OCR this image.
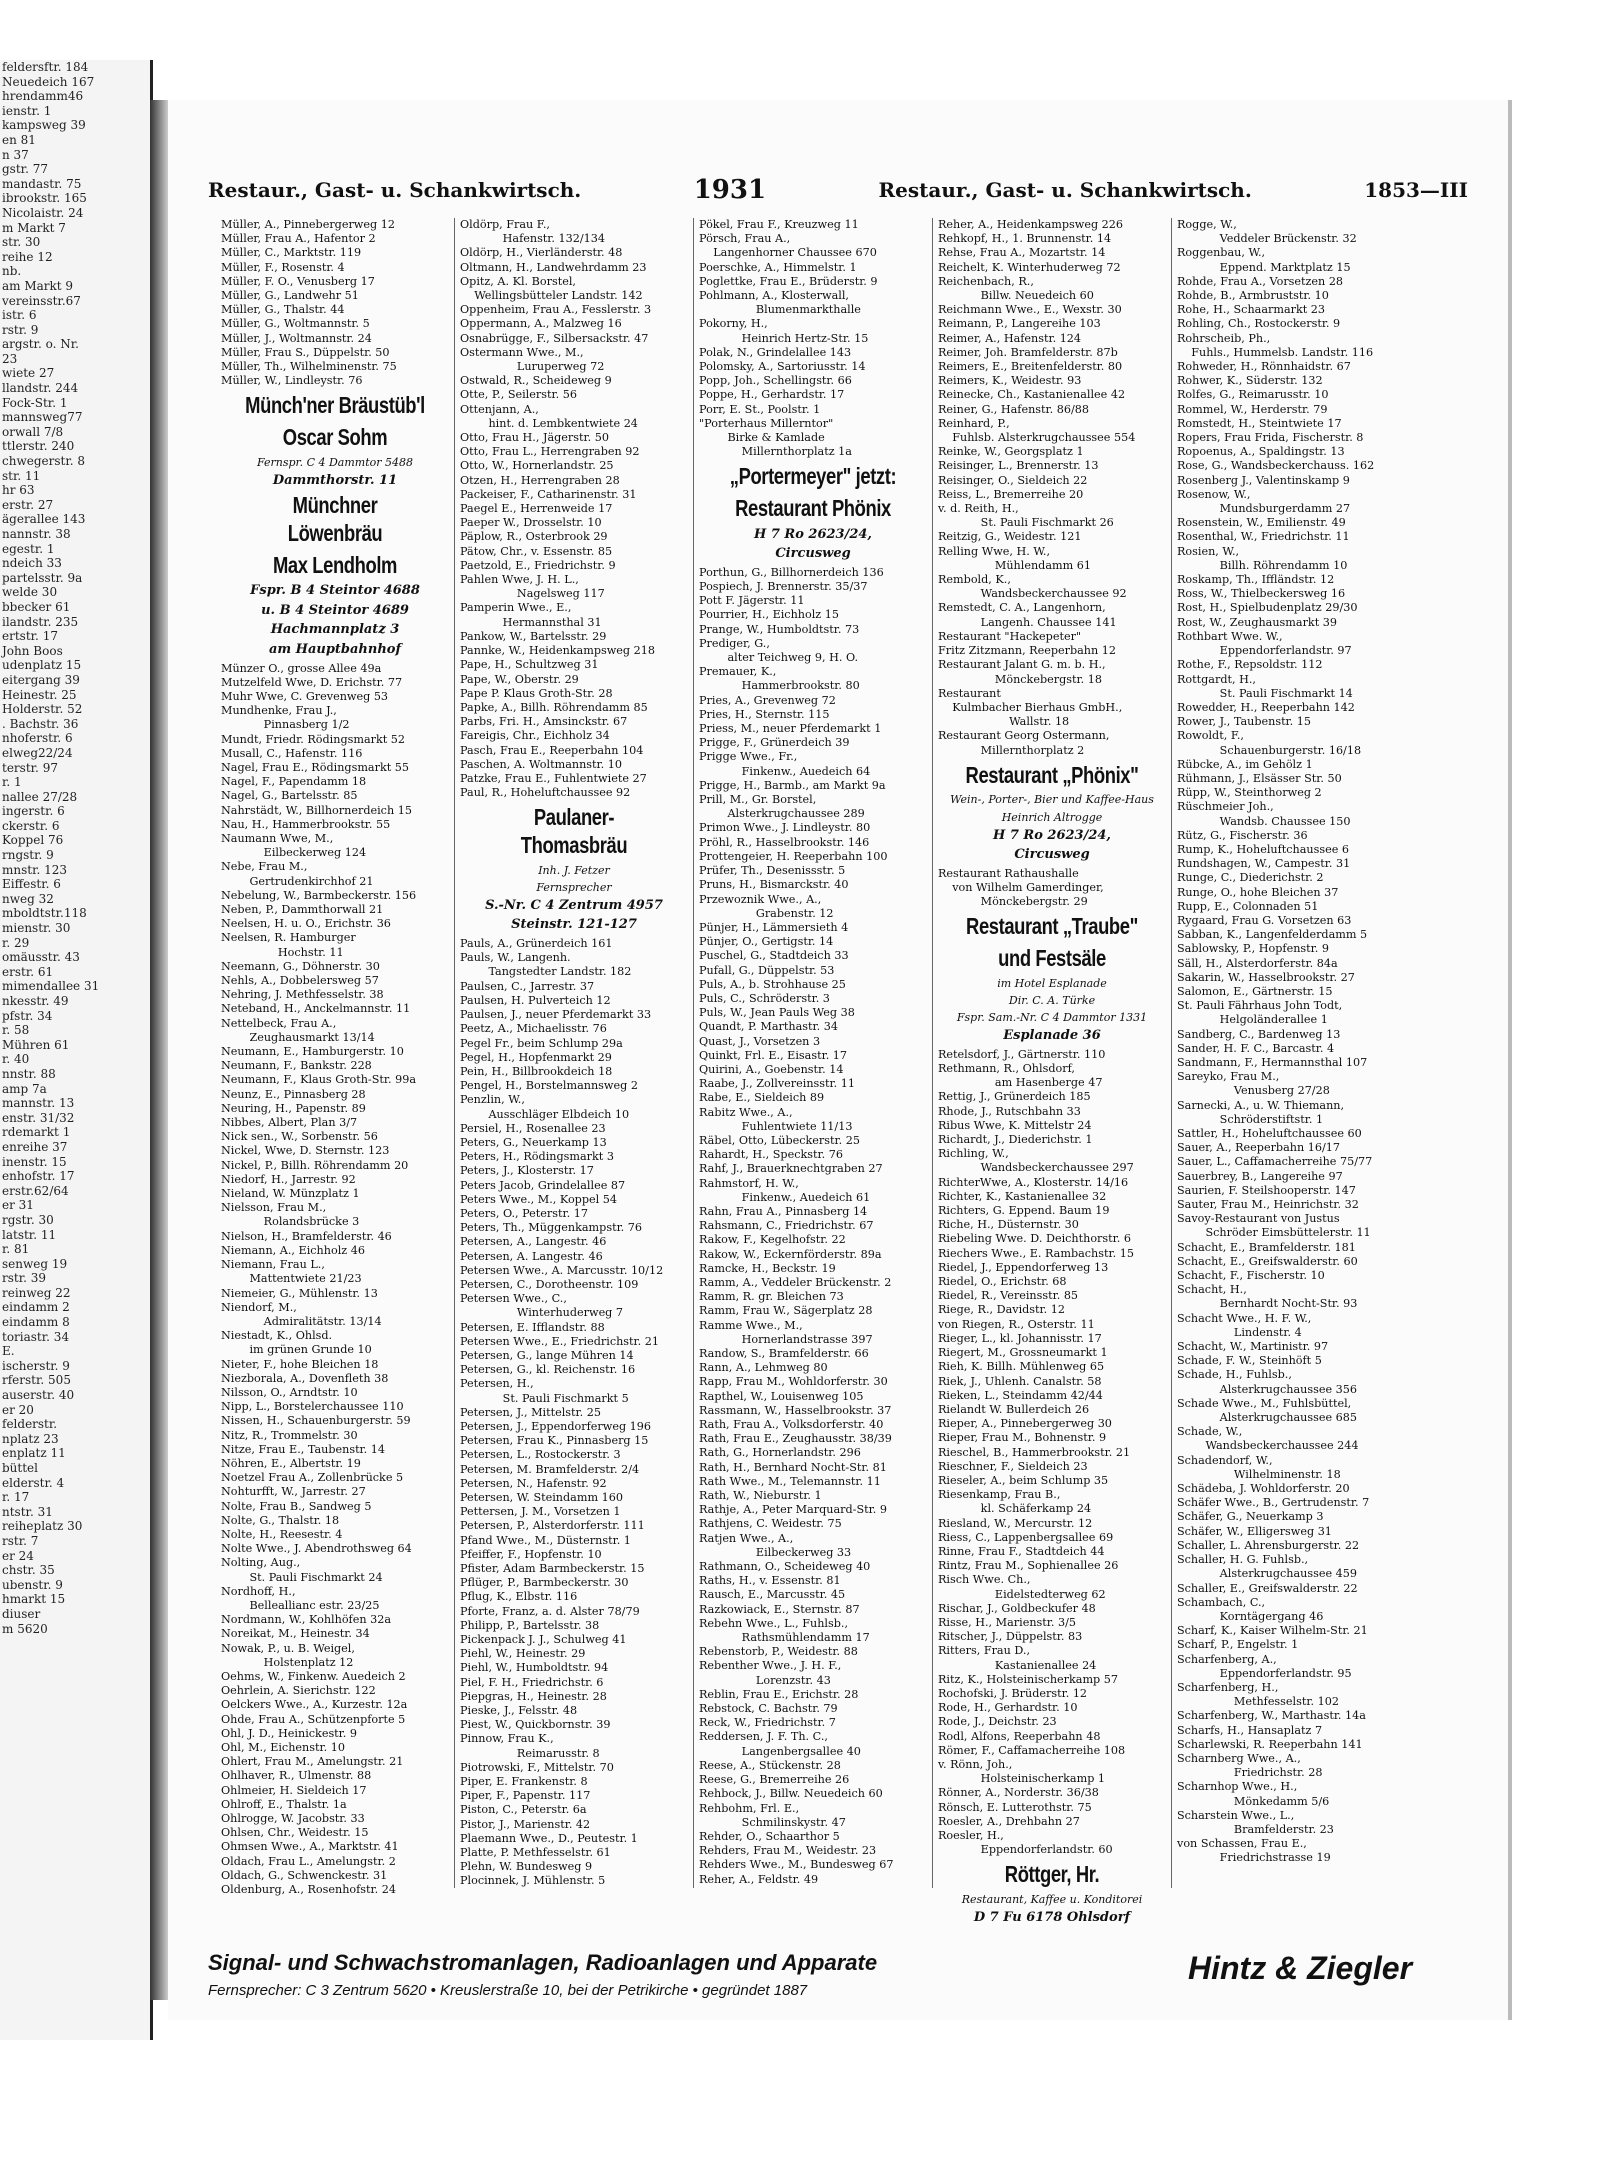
feldersftr. 184
Neuedeich 167
hrendamm46
ienstr. 1
kampsweg 39
en 81
n 37
gstr. 77
mandastr. 75
ibrookstr. 165
Nicolaistr. 24
m Markt 7
str. 30
reihe 12
nb.
am Markt 9
vereinsstr.67
istr. 6
rstr. 9
argstr. o. Nr.
23
wiete 27
llandstr. 244
Fock-Str. 1
mannsweg77
orwall 7/8
ttlerstr. 240
chwegerstr. 8
str. 11
hr 63
erstr. 27
ägerallee 143
nannstr. 38
egestr. 1
ndeich 33
partelsstr. 9a
welde 30
bbecker 61
ilandstr. 235
ertstr. 17
John Boos
udenplatz 15
eitergang 39
Heinestr. 25
Holderstr. 52
. Bachstr. 36
nhoferstr. 6
elweg22/24
terstr. 97
r. 1
nallee 27/28
ingerstr. 6
ckerstr. 6
Koppel 76
rngstr. 9
mnstr. 123
Eiffestr. 6
nweg 32
mboldtstr.118
mienstr. 30
r. 29
omäusstr. 43
erstr. 61
mimendallee 31
nkesstr. 49
pfstr. 34
r. 58
Mühren 61
r. 40
nnstr. 88
amp 7a
mannstr. 13
enstr. 31/32
rdemarkt 1
enreihe 37
inenstr. 15
enhofstr. 17
erstr.62/64
er 31
rgstr. 30
latstr. 11
r. 81
senweg 19
rstr. 39
reinweg 22
eindamm 2
eindamm 8
toriastr. 34
E.
ischerstr. 9
rferstr. 505
auserstr. 40
er 20
felderstr.
nplatz 23
enplatz 11
büttel
elderstr. 4
r. 17
ntstr. 31
reiheplatz 30
rstr. 7
er 24
chstr. 35
ubenstr. 9
hmarkt 15
diuser
m 5620
Restaur., Gast- u. Schankwirtsch.	1931	Restaur., Gast- u. Schankwirtsch.	1853—III
Müller, A., Pinnebergerweg 12
Müller, Frau A., Hafentor 2
Müller, C., Marktstr. 119
Müller, F., Rosenstr. 4
Müller, F. O., Venusberg 17
Müller, G., Landwehr 51
Müller, G., Thalstr. 44
Müller, G., Woltmannstr. 5
Müller, J., Woltmannstr. 24
Müller, Frau S., Düppelstr. 50
Müller, Th., Wilhelminenstr. 75
Müller, W., Lindleystr. 76
Münch'ner Bräustüb'l
Oscar Sohm
Fernspr. C 4 Dammtor 5488
Dammthorstr. 11
Münchner Löwenbräu
Max Lendholm
Fspr. B 4 Steintor 4688
u. B 4 Steintor 4689
Hachmannplatz 3
am Hauptbahnhof
Münzer O., grosse Allee 49a
Mutzelfeld Wwe, D. Erichstr. 77
Muhr Wwe, C. Grevenweg 53
Mundhenke, Frau J.,
Pinnasberg 1/2
Mundt, Friedr. Rödingsmarkt 52
Musall, C., Hafenstr. 116
Nagel, Frau E., Rödingsmarkt 55
Nagel, F., Papendamm 18
Nagel, G., Bartelsstr. 85
Nahrstädt, W., Billhornerdeich 15
Nau, H., Hammerbrookstr. 55
Naumann Wwe, M.,
Eilbeckerweg 124
Nebe, Frau M.,
Gertrudenkirchhof 21
Nebelung, W., Barmbeckerstr. 156
Neben, P., Dammthorwall 21
Neelsen, H. u. O., Erichstr. 36
Neelsen, R. Hamburger
Hochstr. 11
Neemann, G., Döhnerstr. 30
Nehls, A., Dobbelersweg 57
Nehring, J. Methfesselstr. 38
Neteband, H., Anckelmannstr. 11
Nettelbeck, Frau A.,
Zeughausmarkt 13/14
Neumann, E., Hamburgerstr. 10
Neumann, F., Bankstr. 228
Neumann, F., Klaus Groth-Str. 99a
Neunz, E., Pinnasberg 28
Neuring, H., Papenstr. 89
Nibbes, Albert, Plan 3/7
Nick sen., W., Sorbenstr. 56
Nickel, Wwe, D. Sternstr. 123
Nickel, P., Billh. Röhrendamm 20
Niedorf, H., Jarrestr. 92
Nieland, W. Münzplatz 1
Nielsson, Frau M.,
Rolandsbrücke 3
Nielson, H., Bramfelderstr. 46
Niemann, A., Eichholz 46
Niemann, Frau L.,
Mattentwiete 21/23
Niemeier, G., Mühlenstr. 13
Niendorf, M.,
Admiralitätstr. 13/14
Niestadt, K., Ohlsd.
im grünen Grunde 10
Nieter, F., hohe Bleichen 18
Niezborala, A., Dovenfleth 38
Nilsson, O., Arndtstr. 10
Nipp, L., Borstelerchaussee 110
Nissen, H., Schauenburgerstr. 59
Nitz, R., Trommelstr. 30
Nitze, Frau E., Taubenstr. 14
Nöhren, E., Albertstr. 19
Noetzel Frau A., Zollenbrücke 5
Nohturfft, W., Jarrestr. 27
Nolte, Frau B., Sandweg 5
Nolte, G., Thalstr. 18
Nolte, H., Reesestr. 4
Nolte Wwe., J. Abendrothsweg 64
Nolting, Aug.,
St. Pauli Fischmarkt 24
Nordhoff, H.,
Belleallianc estr. 23/25
Nordmann, W., Kohlhöfen 32a
Noreikat, M., Heinestr. 34
Nowak, P., u. B. Weigel,
Holstenplatz 12
Oehms, W., Finkenw. Auedeich 2
Oehrlein, A. Sierichstr. 122
Oelckers Wwe., A., Kurzestr. 12a
Ohde, Frau A., Schützenpforte 5
Ohl, J. D., Heinickestr. 9
Ohl, M., Eichenstr. 10
Ohlert, Frau M., Amelungstr. 21
Ohlhaver, R., Ulmenstr. 88
Ohlmeier, H. Sieldeich 17
Ohlroff, E., Thalstr. 1a
Ohlrogge, W. Jacobstr. 33
Ohlsen, Chr., Weidestr. 15
Ohmsen Wwe., A., Marktstr. 41
Oldach, Frau L., Amelungstr. 2
Oldach, G., Schwenckestr. 31
Oldenburg, A., Rosenhofstr. 24
Oldörp, Frau F.,
Hafenstr. 132/134
Oldörp, H., Vierländerstr. 48
Oltmann, H., Landwehrdamm 23
Opitz, A. Kl. Borstel,
Wellingsbütteler Landstr. 142
Oppenheim, Frau A., Fesslerstr. 3
Oppermann, A., Malzweg 16
Osnabrügge, F., Silbersackstr. 47
Ostermann Wwe., M.,
Luruperweg 72
Ostwald, R., Scheideweg 9
Otte, P., Seilerstr. 56
Ottenjann, A.,
hint. d. Lembkentwiete 24
Otto, Frau H., Jägerstr. 50
Otto, Frau L., Herrengraben 92
Otto, W., Hornerlandstr. 25
Otzen, H., Herrengraben 28
Packeiser, F., Catharinenstr. 31
Paegel E., Herrenweide 17
Paeper W., Drosselstr. 10
Päplow, R., Osterbrook 29
Pätow, Chr., v. Essenstr. 85
Paetzold, E., Friedrichstr. 9
Pahlen Wwe, J. H. L.,
Nagelsweg 117
Pamperin Wwe., E.,
Hermannsthal 31
Pankow, W., Bartelsstr. 29
Pannke, W., Heidenkampsweg 218
Pape, H., Schultzweg 31
Pape, W., Oberstr. 29
Pape P. Klaus Groth-Str. 28
Papke, A., Billh. Röhrendamm 85
Parbs, Fri. H., Amsinckstr. 67
Fareigis, Chr., Eichholz 34
Pasch, Frau E., Reeperbahn 104
Paschen, A. Woltmannstr. 10
Patzke, Frau E., Fuhlentwiete 27
Paul, R., Hoheluftchaussee 92
Paulaner-Thomasbräu
Inh. J. Fetzer
Fernsprecher
S.-Nr. C 4 Zentrum 4957
Steinstr. 121-127
Pauls, A., Grünerdeich 161
Pauls, W., Langenh.
Tangstedter Landstr. 182
Paulsen, C., Jarrestr. 37
Paulsen, H. Pulverteich 12
Paulsen, J., neuer Pferdemarkt 33
Peetz, A., Michaelisstr. 76
Pegel Fr., beim Schlump 29a
Pegel, H., Hopfenmarkt 29
Pein, H., Billbrookdeich 18
Pengel, H., Borstelmannsweg 2
Penzlin, W.,
Ausschläger Elbdeich 10
Persiel, H., Rosenallee 23
Peters, G., Neuerkamp 13
Peters, H., Rödingsmarkt 3
Peters, J., Klosterstr. 17
Peters Jacob, Grindelallee 87
Peters Wwe., M., Koppel 54
Peters, O., Peterstr. 17
Peters, Th., Müggenkampstr. 76
Petersen, A., Langestr. 46
Petersen, A. Langestr. 46
Petersen Wwe., A. Marcusstr. 10/12
Petersen, C., Dorotheenstr. 109
Petersen Wwe., C.,
Winterhuderweg 7
Petersen, E. Ifflandstr. 88
Petersen Wwe., E., Friedrichstr. 21
Petersen, G., lange Mühren 14
Petersen, G., kl. Reichenstr. 16
Petersen, H.,
St. Pauli Fischmarkt 5
Petersen, J., Mittelstr. 25
Petersen, J., Eppendorferweg 196
Petersen, Frau K., Pinnasberg 15
Petersen, L., Rostockerstr. 3
Petersen, M. Bramfelderstr. 2/4
Petersen, N., Hafenstr. 92
Petersen, W. Steindamm 160
Pettersen, J. M., Vorsetzen 1
Petersen, P., Alsterdorferstr. 111
Pfand Wwe., M., Düsternstr. 1
Pfeiffer, F., Hopfenstr. 10
Pfister, Adam Barmbeckerstr. 15
Pflüger, P., Barmbeckerstr. 30
Pflug, K., Elbstr. 116
Pforte, Franz, a. d. Alster 78/79
Philipp, P., Bartelsstr. 38
Pickenpack J. J., Schulweg 41
Piehl, W., Heinestr. 29
Piehl, W., Humboldtstr. 94
Piel, F. H., Friedrichstr. 6
Piepgras, H., Heinestr. 28
Pieske, J., Felsstr. 48
Piest, W., Quickbornstr. 39
Pinnow, Frau K.,
Reimarusstr. 8
Piotrowski, F., Mittelstr. 70
Piper, E. Frankenstr. 8
Piper, F., Papenstr. 117
Piston, C., Peterstr. 6a
Pistor, J., Marienstr. 42
Plaemann Wwe., D., Peutestr. 1
Platte, P. Methfesselstr. 61
Plehn, W. Bundesweg 9
Plocinnek, J. Mühlenstr. 5
Pökel, Frau F., Kreuzweg 11
Pörsch, Frau A.,
Langenhorner Chaussee 670
Poerschke, A., Himmelstr. 1
Poglettke, Frau E., Brüderstr. 9
Pohlmann, A., Klosterwall,
Blumenmarkthalle
Pokorny, H.,
Heinrich Hertz-Str. 15
Polak, N., Grindelallee 143
Polomsky, A., Sartoriusstr. 14
Popp, Joh., Schellingstr. 66
Poppe, H., Gerhardstr. 17
Porr, E. St., Poolstr. 1
"Porterhaus Millerntor"
Birke & Kamlade
Millernthorplatz 1a
„Portermeyer" jetzt:
Restaurant Phönix
H 7 Ro 2623/24,
Circusweg
Porthun, G., Billhornerdeich 136
Pospiech, J. Brennerstr. 35/37
Pott F. Jägerstr. 11
Pourrier, H., Eichholz 15
Prange, W., Humboldtstr. 73
Prediger, G.,
alter Teichweg 9, H. O.
Premauer, K.,
Hammerbrookstr. 80
Pries, A., Grevenweg 72
Pries, H., Sternstr. 115
Priess, M., neuer Pferdemarkt 1
Prigge, F., Grünerdeich 39
Prigge Wwe., Fr.,
Finkenw., Auedeich 64
Prigge, H., Barmb., am Markt 9a
Prill, M., Gr. Borstel,
Alsterkrugchaussee 289
Primon Wwe., J. Lindleystr. 80
Pröhl, R., Hasselbrookstr. 146
Prottengeier, H. Reeperbahn 100
Prüfer, Th., Desenissstr. 5
Pruns, H., Bismarckstr. 40
Przewoznik Wwe., A.,
Grabenstr. 12
Pünjer, H., Lämmersieth 4
Pünjer, O., Gertigstr. 14
Puschel, G., Stadtdeich 33
Pufall, G., Düppelstr. 53
Puls, A., b. Strohhause 25
Puls, C., Schröderstr. 3
Puls, W., Jean Pauls Weg 38
Quandt, P. Marthastr. 34
Quast, J., Vorsetzen 3
Quinkt, Frl. E., Eisastr. 17
Quirini, A., Goebenstr. 14
Raabe, J., Zollvereinsstr. 11
Rabe, E., Sieldeich 89
Rabitz Wwe., A.,
Fuhlentwiete 11/13
Räbel, Otto, Lübeckerstr. 25
Rahardt, H., Speckstr. 76
Rahf, J., Brauerknechtgraben 27
Rahmstorf, H. W.,
Finkenw., Auedeich 61
Rahn, Frau A., Pinnasberg 14
Rahsmann, C., Friedrichstr. 67
Rakow, F., Kegelhofstr. 22
Rakow, W., Eckernförderstr. 89a
Ramcke, H., Beckstr. 19
Ramm, A., Veddeler Brückenstr. 2
Ramm, R. gr. Bleichen 73
Ramm, Frau W., Sägerplatz 28
Ramme Wwe., M.,
Hornerlandstrasse 397
Randow, S., Bramfelderstr. 66
Rann, A., Lehmweg 80
Rapp, Frau M., Wohldorferstr. 30
Rapthel, W., Louisenweg 105
Rassmann, W., Hasselbrookstr. 37
Rath, Frau A., Volksdorferstr. 40
Rath, Frau E., Zeughausstr. 38/39
Rath, G., Hornerlandstr. 296
Rath, H., Bernhard Nocht-Str. 81
Rath Wwe., M., Telemannstr. 11
Rath, W., Nieburstr. 1
Rathje, A., Peter Marquard-Str. 9
Rathjens, C. Weidestr. 75
Ratjen Wwe., A.,
Eilbeckerweg 33
Rathmann, O., Scheideweg 40
Raths, H., v. Essenstr. 81
Rausch, E., Marcusstr. 45
Razkowiack, E., Sternstr. 87
Rebehn Wwe., L., Fuhlsb.,
Rathsmühlendamm 17
Rebenstorb, P., Weidestr. 88
Rebenther Wwe., J. H. F.,
Lorenzstr. 43
Reblin, Frau E., Erichstr. 28
Rebstock, C. Bachstr. 79
Reck, W., Friedrichstr. 7
Reddersen, J. F. Th. C.,
Langenbergsallee 40
Reese, A., Stückenstr. 28
Reese, G., Bremerreihe 26
Rehbock, J., Billw. Neuedeich 60
Rehbohm, Frl. E.,
Schmilinskystr. 47
Rehder, O., Schaarthor 5
Rehders, Frau M., Weidestr. 23
Rehders Wwe., M., Bundesweg 67
Reher, A., Feldstr. 49
Reher, A., Heidenkampsweg 226
Rehkopf, H., 1. Brunnenstr. 14
Rehse, Frau A., Mozartstr. 14
Reichelt, K. Winterhuderweg 72
Reichenbach, R.,
Billw. Neuedeich 60
Reichmann Wwe., E., Wexstr. 30
Reimann, P., Langereihe 103
Reimer, A., Hafenstr. 124
Reimer, Joh. Bramfelderstr. 87b
Reimers, E., Breitenfelderstr. 80
Reimers, K., Weidestr. 93
Reinecke, Ch., Kastanienallee 42
Reiner, G., Hafenstr. 86/88
Reinhard, P.,
Fuhlsb. Alsterkrugchaussee 554
Reinke, W., Georgsplatz 1
Reisinger, L., Brennerstr. 13
Reisinger, O., Sieldeich 22
Reiss, L., Bremerreihe 20
v. d. Reith, H.,
St. Pauli Fischmarkt 26
Reitzig, G., Weidestr. 121
Relling Wwe, H. W.,
Mühlendamm 61
Rembold, K.,
Wandsbeckerchaussee 92
Remstedt, C. A., Langenhorn,
Langenh. Chaussee 141
Restaurant "Hackepeter"
Fritz Zitzmann, Reeperbahn 12
Restaurant Jalant G. m. b. H.,
Mönckebergstr. 18
Restaurant
Kulmbacher Bierhaus GmbH.,
Wallstr. 18
Restaurant Georg Ostermann,
Millernthorplatz 2
Restaurant „Phönix"
Wein-, Porter-, Bier und Kaffee-Haus
Heinrich Altrogge
H 7 Ro 2623/24,
Circusweg
Restaurant Rathaushalle
von Wilhelm Gamerdinger,
Mönckebergstr. 29
Restaurant „Traube"
und Festsäle
im Hotel Esplanade
Dir. C. A. Türke
Fspr. Sam.-Nr. C 4 Dammtor 1331
Esplanade 36
Retelsdorf, J., Gärtnerstr. 110
Rethmann, R., Ohlsdorf,
am Hasenberge 47
Rettig, J., Grünerdeich 185
Rhode, J., Rutschbahn 33
Ribus Wwe, K. Mittelstr 24
Richardt, J., Diederichstr. 1
Richling, W.,
Wandsbeckerchaussee 297
RichterWwe, A., Klosterstr. 14/16
Richter, K., Kastanienallee 32
Richters, G. Eppend. Baum 19
Riche, H., Düsternstr. 30
Riebeling Wwe. D. Deichthorstr. 6
Riechers Wwe., E. Rambachstr. 15
Riedel, J., Eppendorferweg 13
Riedel, O., Erichstr. 68
Riedel, R., Vereinsstr. 85
Riege, R., Davidstr. 12
von Riegen, R., Osterstr. 11
Rieger, L., kl. Johannisstr. 17
Riegert, M., Grossneumarkt 1
Rieh, K. Billh. Mühlenweg 65
Riek, J., Uhlenh. Canalstr. 58
Rieken, L., Steindamm 42/44
Rielandt W. Bullerdeich 26
Rieper, A., Pinnebergerweg 30
Rieper, Frau M., Bohnenstr. 9
Rieschel, B., Hammerbrookstr. 21
Rieschner, F., Sieldeich 23
Rieseler, A., beim Schlump 35
Riesenkamp, Frau B.,
kl. Schäferkamp 24
Riesland, W., Mercurstr. 12
Riess, C., Lappenbergsallee 69
Rinne, Frau F., Stadtdeich 44
Rintz, Frau M., Sophienallee 26
Risch Wwe. Ch.,
Eidelstedterweg 62
Rischar, J., Goldbeckufer 48
Risse, H., Marienstr. 3/5
Ritscher, J., Düppelstr. 83
Ritters, Frau D.,
Kastanienallee 24
Ritz, K., Holsteinischerkamp 57
Rochofski, J. Brüderstr. 12
Rode, H., Gerhardstr. 10
Rode, J., Deichstr. 23
Rodl, Alfons, Reeperbahn 48
Römer, F., Caffamacherreihe 108
v. Rönn, Joh.,
Holsteinischerkamp 1
Rönner, A., Norderstr. 36/38
Rönsch, E. Lutterothstr. 75
Roesler, A., Drehbahn 27
Roesler, H.,
Eppendorferlandstr. 60
Röttger, Hr.
Restaurant, Kaffee u. Konditorei
D 7 Fu 6178 Ohlsdorf
Rogge, W.,
Veddeler Brückenstr. 32
Roggenbau, W.,
Eppend. Marktplatz 15
Rohde, Frau A., Vorsetzen 28
Rohde, B., Armbruststr. 10
Rohe, H., Schaarmarkt 23
Rohling, Ch., Rostockerstr. 9
Rohrscheib, Ph.,
Fuhls., Hummelsb. Landstr. 116
Rohweder, H., Rönnhaidstr. 67
Rohwer, K., Süderstr. 132
Rolfes, G., Reimarusstr. 10
Rommel, W., Herderstr. 79
Romstedt, H., Steintwiete 17
Ropers, Frau Frida, Fischerstr. 8
Ropoenus, A., Spaldingstr. 13
Rose, G., Wandsbeckerchauss. 162
Rosenberg J., Valentinskamp 9
Rosenow, W.,
Mundsburgerdamm 27
Rosenstein, W., Emilienstr. 49
Rosenthal, W., Friedrichstr. 11
Rosien, W.,
Billh. Röhrendamm 10
Roskamp, Th., Iffländstr. 12
Ross, W., Thielbeckersweg 16
Rost, H., Spielbudenplatz 29/30
Rost, W., Zeughausmarkt 39
Rothbart Wwe. W.,
Eppendorferlandstr. 97
Rothe, F., Repsoldstr. 112
Rottgardt, H.,
St. Pauli Fischmarkt 14
Rowedder, H., Reeperbahn 142
Rower, J., Taubenstr. 15
Rowoldt, F.,
Schauenburgerstr. 16/18
Rübcke, A., im Gehölz 1
Rühmann, J., Elsässer Str. 50
Rüpp, W., Steinthorweg 2
Rüschmeier Joh.,
Wandsb. Chaussee 150
Rütz, G., Fischerstr. 36
Rump, K., Hoheluftchaussee 6
Rundshagen, W., Campestr. 31
Runge, C., Diederichstr. 2
Runge, O., hohe Bleichen 37
Rupp, E., Colonnaden 51
Rygaard, Frau G. Vorsetzen 63
Sabban, K., Langenfelderdamm 5
Sablowsky, P., Hopfenstr. 9
Säll, H., Alsterdorferstr. 84a
Sakarin, W., Hasselbrookstr. 27
Salomon, E., Gärtnerstr. 15
St. Pauli Fährhaus John Todt,
Helgoländerallee 1
Sandberg, C., Bardenweg 13
Sander, H. F. C., Barcastr. 4
Sandmann, F., Hermannsthal 107
Sareyko, Frau M.,
Venusberg 27/28
Sarnecki, A., u. W. Thiemann,
Schröderstiftstr. 1
Sattler, H., Hoheluftchaussee 60
Sauer, A., Reeperbahn 16/17
Sauer, L., Caffamacherreihe 75/77
Sauerbrey, B., Langereihe 97
Saurien, F. Steilshooperstr. 147
Sauter, Frau M., Heinrichstr. 32
Savoy-Restaurant von Justus
Schröder Eimsbüttelerstr. 11
Schacht, E., Bramfelderstr. 181
Schacht, E., Greifswalderstr. 60
Schacht, F., Fischerstr. 10
Schacht, H.,
Bernhardt Nocht-Str. 93
Schacht Wwe., H. F. W.,
Lindenstr. 4
Schacht, W., Martinistr. 97
Schade, F. W., Steinhöft 5
Schade, H., Fuhlsb.,
Alsterkrugchaussee 356
Schade Wwe., M., Fuhlsbüttel,
Alsterkrugchaussee 685
Schade, W.,
Wandsbeckerchaussee 244
Schadendorf, W.,
Wilhelminenstr. 18
Schädeba, J. Wohldorferstr. 20
Schäfer Wwe., B., Gertrudenstr. 7
Schäfer, G., Neuerkamp 3
Schäfer, W., Elligersweg 31
Schaller, L. Ahrensburgerstr. 22
Schaller, H. G. Fuhlsb.,
Alsterkrugchaussee 459
Schaller, E., Greifswalderstr. 22
Schambach, C.,
Korntägergang 46
Scharf, K., Kaiser Wilhelm-Str. 21
Scharf, P., Engelstr. 1
Scharfenberg, A.,
Eppendorferlandstr. 95
Scharfenberg, H.,
Methfesselstr. 102
Scharfenberg, W., Marthastr. 14a
Scharfs, H., Hansaplatz 7
Scharlewski, R. Reeperbahn 141
Scharnberg Wwe., A.,
Friedrichstr. 28
Scharnhop Wwe., H.,
Mönkedamm 5/6
Scharstein Wwe., L.,
Bramfelderstr. 23
von Schassen, Frau E.,
Friedrichstrasse 19
Signal- und Schwachstromanlagen, Radioanlagen und Apparate
Fernsprecher: C 3 Zentrum 5620 • Kreuslerstraße 10, bei der Petrikirche • gegründet 1887
Hintz & Ziegler
